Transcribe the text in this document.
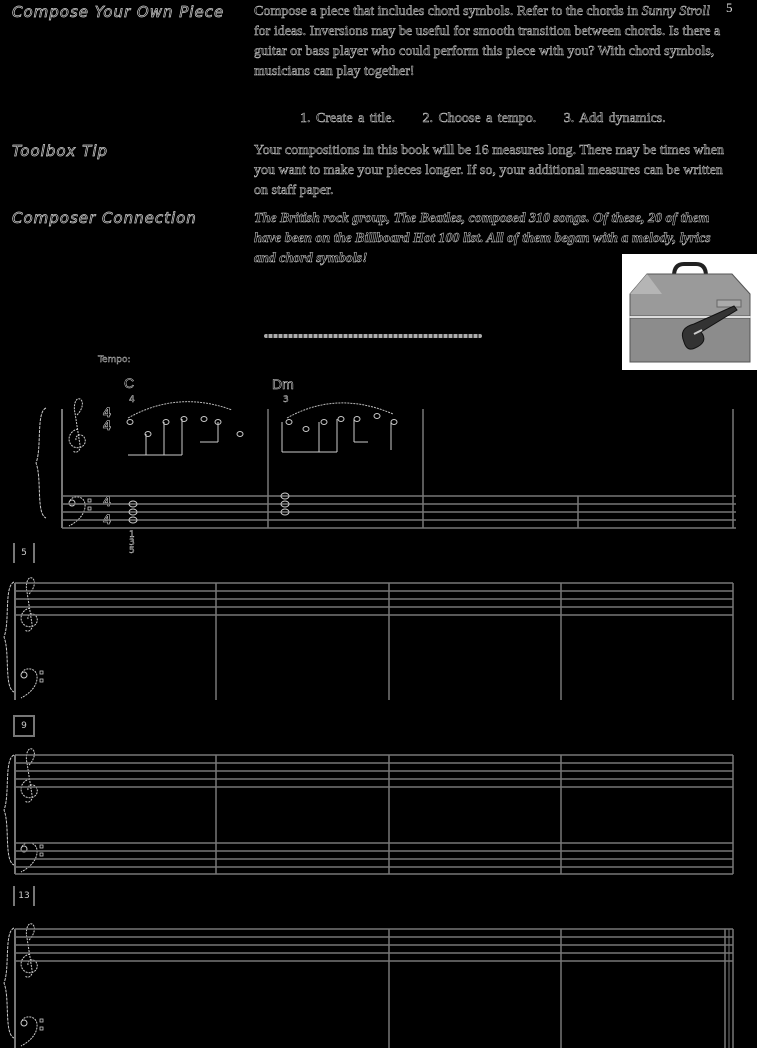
5
Compose Your Own Piece Compose a piece that includes chord symbols. Refer to the chords in Sunny Stroll for ideas. Inversions may be useful for smooth transition between chords. Is there a guitar or bass player who could perform this piece with you? With chord symbols, musicians can play together!
1. Create a title. 2. Choose a tempo. 3. Add dynamics.
Toolbox Tip	Your compositions in this book will be 16 measures long. There may be times when you want to make your pieces longer. If so, your additional measures can be written on staff paper.
Composer Connection	The British rock group, The Beatles, composed 310 songs. Of these, 20 of them have been on the Billboard Hot 100 list. All of them began with a melody, lyrics and chord symbols!
Tempo:
C
4
Dm
3
4
4
4
4
1
3
5
5
9
13
